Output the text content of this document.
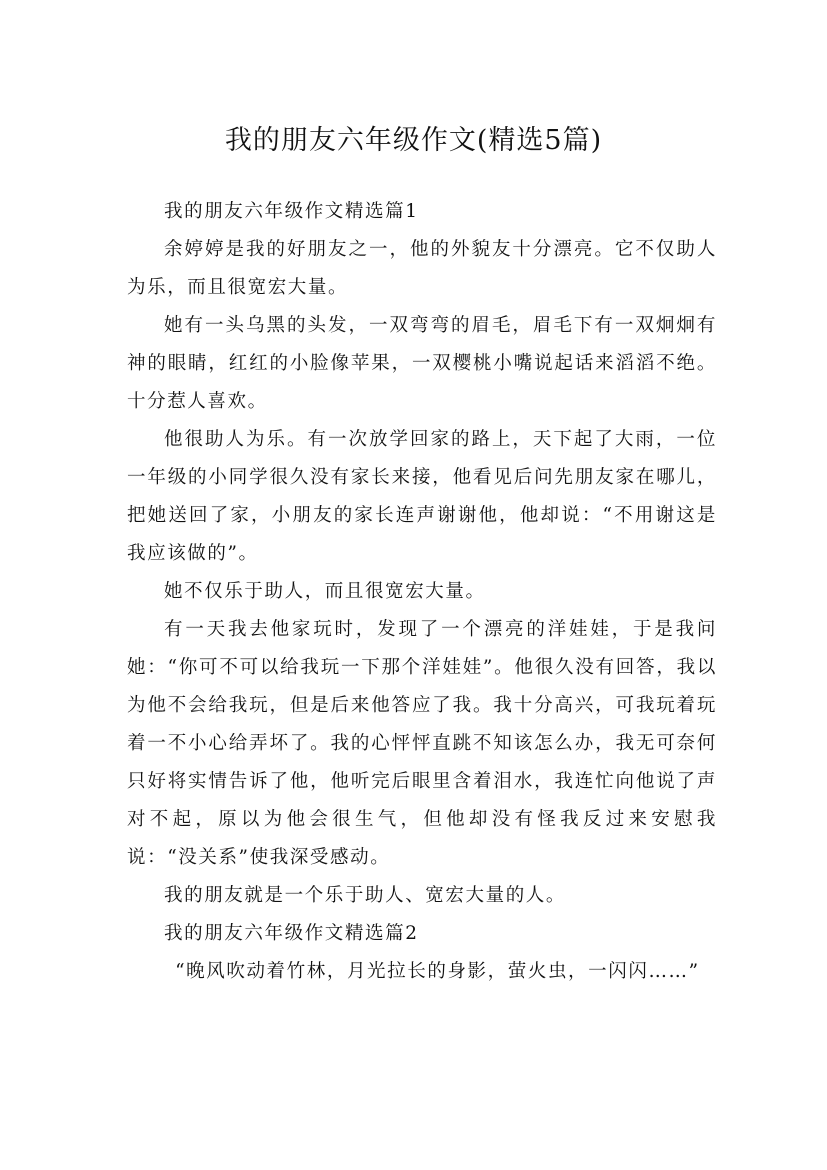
我的朋友六年级作文(精选5篇)

我的朋友六年级作文精选篇1

余婷婷是我的好朋友之一，他的外貌友十分漂亮。它不仅助人为乐，而且很宽宏大量。

她有一头乌黑的头发，一双弯弯的眉毛，眉毛下有一双炯炯有神的眼睛，红红的小脸像苹果，一双樱桃小嘴说起话来滔滔不绝。十分惹人喜欢。

他很助人为乐。有一次放学回家的路上，天下起了大雨，一位一年级的小同学很久没有家长来接，他看见后问先朋友家在哪儿，把她送回了家，小朋友的家长连声谢谢他，他却说：“不用谢这是我应该做的”。

她不仅乐于助人，而且很宽宏大量。

有一天我去他家玩时，发现了一个漂亮的洋娃娃，于是我问她：“你可不可以给我玩一下那个洋娃娃”。他很久没有回答，我以为他不会给我玩，但是后来他答应了我。我十分高兴，可我玩着玩着一不小心给弄坏了。我的心怦怦直跳不知该怎么办，我无可奈何只好将实情告诉了他，他听完后眼里含着泪水，我连忙向他说了声对不起，原以为他会很生气，但他却没有怪我反过来安慰我说：“没关系”使我深受感动。

我的朋友就是一个乐于助人、宽宏大量的人。

我的朋友六年级作文精选篇2

“晚风吹动着竹林，月光拉长的身影，萤火虫，一闪闪……”
